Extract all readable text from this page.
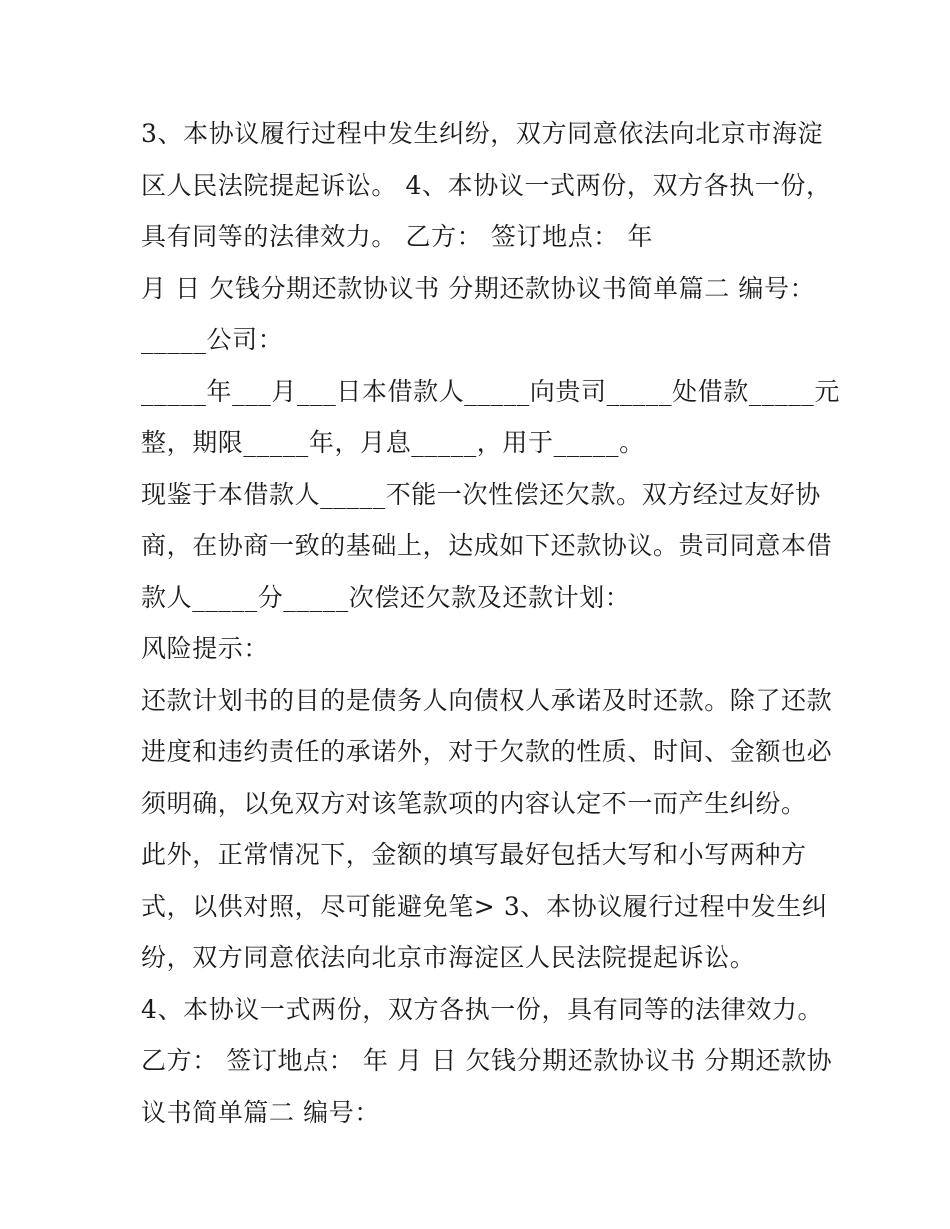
3、本协议履行过程中发生纠纷，双方同意依法向北京市海淀
区人民法院提起诉讼。 4、本协议一式两份，双方各执一份，
具有同等的法律效力。 乙方： 签订地点： 年
月 日 欠钱分期还款协议书 分期还款协议书简单篇二 编号：
_____公司：
_____年___月___日本借款人_____向贵司_____处借款_____元
整，期限_____年，月息_____，用于_____。
现鉴于本借款人_____不能一次性偿还欠款。双方经过友好协
商，在协商一致的基础上，达成如下还款协议。贵司同意本借
款人_____分_____次偿还欠款及还款计划：
风险提示：
还款计划书的目的是债务人向债权人承诺及时还款。除了还款
进度和违约责任的承诺外，对于欠款的性质、时间、金额也必
须明确，以免双方对该笔款项的内容认定不一而产生纠纷。
此外，正常情况下，金额的填写最好包括大写和小写两种方
式，以供对照，尽可能避免笔> 3、本协议履行过程中发生纠
纷，双方同意依法向北京市海淀区人民法院提起诉讼。
4、本协议一式两份，双方各执一份，具有同等的法律效力。
乙方： 签订地点： 年 月 日 欠钱分期还款协议书 分期还款协
议书简单篇二 编号：
